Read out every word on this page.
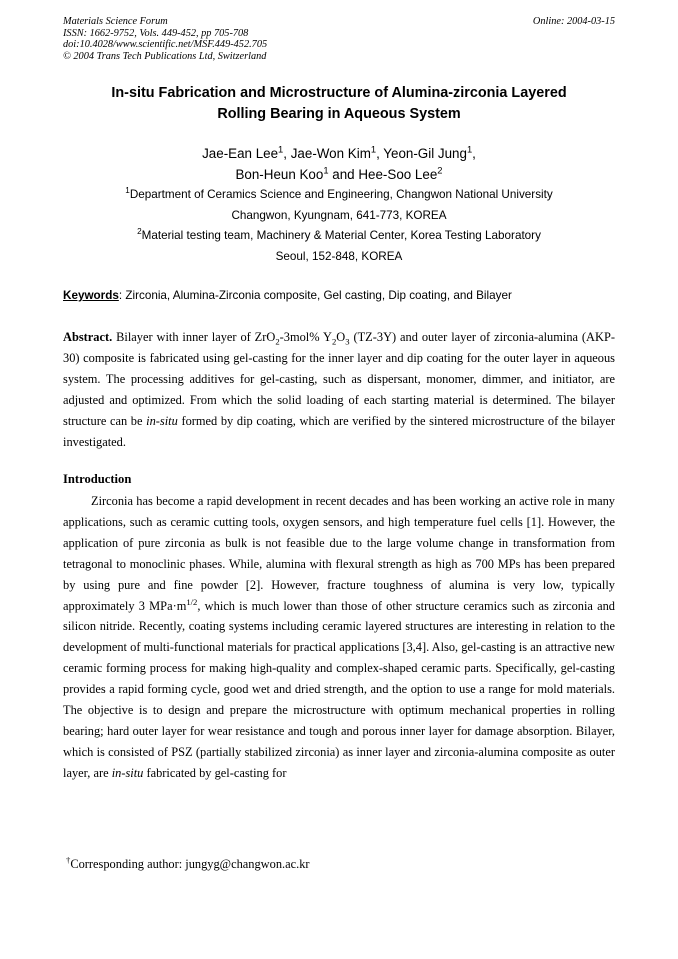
Materials Science Forum
ISSN: 1662-9752, Vols. 449-452, pp 705-708
doi:10.4028/www.scientific.net/MSF.449-452.705
© 2004 Trans Tech Publications Ltd, Switzerland
Online: 2004-03-15
In-situ Fabrication and Microstructure of Alumina-zirconia Layered
Rolling Bearing in Aqueous System
Jae-Ean Lee$^1$, Jae-Won Kim$^1$, Yeon-Gil Jung$^1$,
Bon-Heun Koo$^1$ and Hee-Soo Lee$^2$
$^1$Department of Ceramics Science and Engineering, Changwon National University
Changwon, Kyungnam, 641-773, KOREA
$^2$Material testing team, Machinery & Material Center, Korea Testing Laboratory
Seoul, 152-848, KOREA
Keywords: Zirconia, Alumina-Zirconia composite, Gel casting, Dip coating, and Bilayer
Abstract. Bilayer with inner layer of ZrO$_2$-3mol% $Y_2O_3$ (TZ-3Y) and outer layer of zirconia-alumina (AKP-30) composite is fabricated using gel-casting for the inner layer and dip coating for the outer layer in aqueous system. The processing additives for gel-casting, such as dispersant, monomer, dimmer, and initiator, are adjusted and optimized. From which the solid loading of each starting material is determined. The bilayer structure can be in-situ formed by dip coating, which are verified by the sintered microstructure of the bilayer investigated.
Introduction
Zirconia has become a rapid development in recent decades and has been working an active role in many applications, such as ceramic cutting tools, oxygen sensors, and high temperature fuel cells [1]. However, the application of pure zirconia as bulk is not feasible due to the large volume change in transformation from tetragonal to monoclinic phases. While, alumina with flexural strength as high as 700 MPs has been prepared by using pure and fine powder [2]. However, fracture toughness of alumina is very low, typically approximately 3 $MPa\cdot m^{1/2}$, which is much lower than those of other structure ceramics such as zirconia and silicon nitride. Recently, coating systems including ceramic layered structures are interesting in relation to the development of multi-functional materials for practical applications [3,4]. Also, gel-casting is an attractive new ceramic forming process for making high-quality and complex-shaped ceramic parts. Specifically, gel-casting provides a rapid forming cycle, good wet and dried strength, and the option to use a range for mold materials. The objective is to design and prepare the microstructure with optimum mechanical properties in rolling bearing; hard outer layer for wear resistance and tough and porous inner layer for damage absorption. Bilayer, which is consisted of PSZ (partially stabilized zirconia) as inner layer and zirconia-alumina composite as outer layer, are in-situ fabricated by gel-casting for
†Corresponding author: jungyg@changwon.ac.kr
